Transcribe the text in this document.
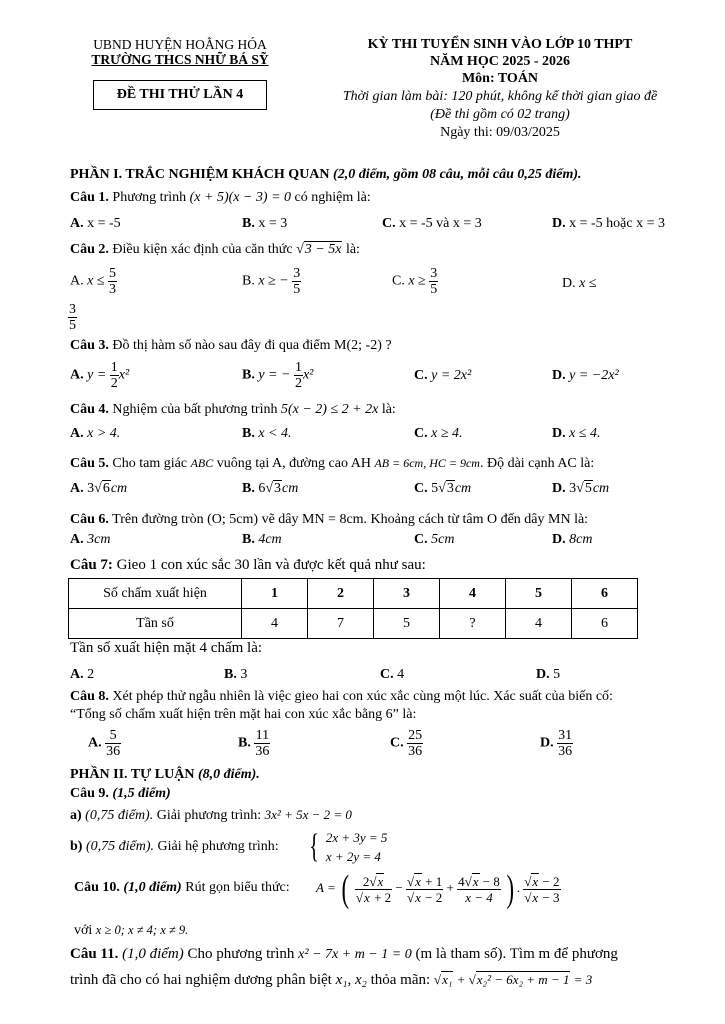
UBND HUYỆN HOẰNG HÓA
TRƯỜNG THCS NHỮ BÁ SỸ
ĐỀ THI THỬ LẦN 4
KỲ THI TUYỂN SINH VÀO LỚP 10 THPT
NĂM HỌC 2025 - 2026
Môn: TOÁN
Thời gian làm bài: 120 phút, không kể thời gian giao đề
(Đề thi gồm có 02 trang)
Ngày thi: 09/03/2025
PHẦN I. TRẮC NGHIỆM KHÁCH QUAN (2,0 điểm, gồm 08 câu, mỗi câu 0,25 điểm).
Câu 1. Phương trình (x + 5)(x − 3) = 0 có nghiệm là:
A. x = -5	B. x = 3	C. x = -5 và x = 3	D. x = -5 hoặc x = 3
Câu 2. Điều kiện xác định của căn thức √3 − 5x là:
A. $x \le \frac{5}{3}$	B. x ≥ − $\frac{3}{5}$	C. $x \ge \frac{3}{5}$	D. x ≤
$\frac{3}{5}$
Câu 3. Đồ thị hàm số nào sau đây đi qua điểm M(2; -2) ?
A. $y = \frac{1}{2} x^2$	B. y = − $\frac{1}{2} x^2$	C. y = 2x²	D. y = −2x²
Câu 4. Nghiệm của bất phương trình 5(x − 2) ≤ 2 + 2x là:
A. x > 4.	B. x < 4.	C. x ≥ 4.	D. x ≤ 4.
Câu 5. Cho tam giác ABC vuông tại A, đường cao AH AB = 6cm, HC = 9cm. Độ dài cạnh AC là:
A. 3√6cm	B. 6√3cm	C. 5√3cm	D. 3√5cm
Câu 6. Trên đường tròn (O; 5cm) vẽ dây MN = 8cm. Khoảng cách từ tâm O đến dây MN là:
A. 3cm	B. 4cm	C. 5cm	D. 8cm
Câu 7: Gieo 1 con xúc sắc 30 lần và được kết quả như sau:
Số chấm xuất hiện	1	2	3	4	5	6
Tần số	4	7	5	?	4	6
Tần số xuất hiện mặt 4 chấm là:
A. 2	B. 3	C. 4	D. 5
Câu 8. Xét phép thử ngẫu nhiên là việc gieo hai con xúc xắc cùng một lúc. Xác suất của biến cố:
“Tổng số chấm xuất hiện trên mặt hai con xúc xắc bằng 6” là:
A. $\frac{5}{36}$	B. $\frac{11}{36}$	C. $\frac{25}{36}$	D. $\frac{31}{36}$
PHẦN II. TỰ LUẬN (8,0 điểm).
Câu 9. (1,5 điểm)
a) (0,75 điểm). Giải phương trình: 3x² + 5x − 2 = 0
b) (0,75 điểm). Giải hệ phương trình: { 2x + 3y = 5
x + 2y = 4
Câu 10. (1,0 điểm) Rút gọn biểu thức: A = ( $\frac{2√x}{√x + 2} - \frac{√x + 1}{√x - 2} + \frac{4√x - 8}{x - 4}$ ) . $\frac{√x - 2}{√x - 3}$
với x ≥ 0; x ≠ 4; x ≠ 9.
Câu 11. (1,0 điểm) Cho phương trình x² − 7x + m − 1 = 0 (m là tham số). Tìm m để phương
trình đã cho có hai nghiệm dương phân biệt x₁, x₂ thỏa mãn: √x₁ + √x₂² − 6x₂ + m − 1 = 3
